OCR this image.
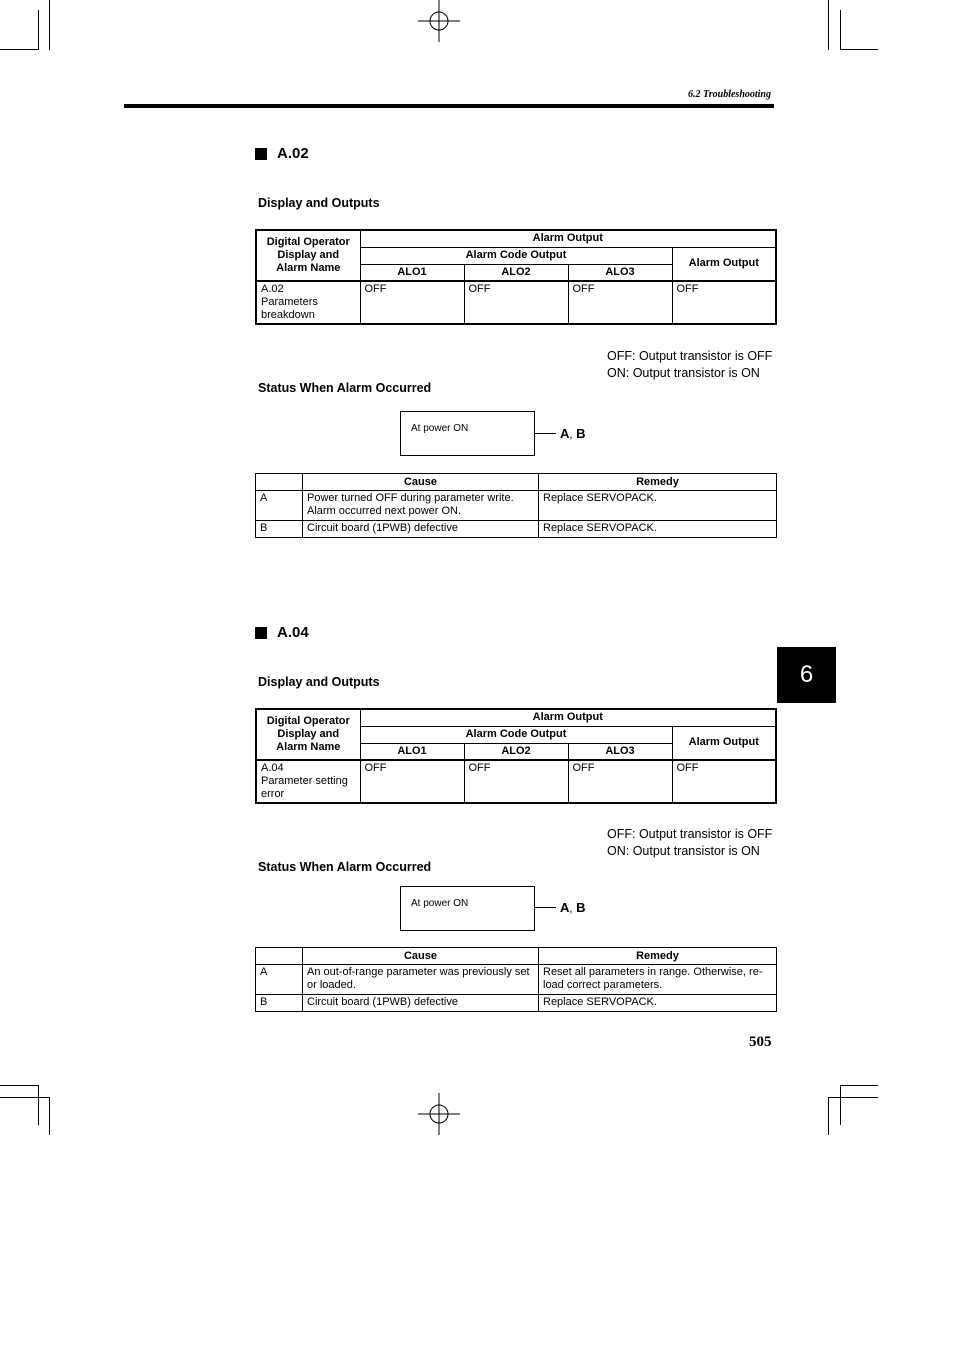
6.2 Troubleshooting
A.02
Display and Outputs
Digital Operator Display and Alarm Name	Alarm Output			
	Alarm Code Output			Alarm Output
	ALO1	ALO2	ALO3	

A.02
Parameters
breakdown	OFF	OFF	OFF	OFF
OFF: Output transistor is OFF
ON: Output transistor is ON
Status When Alarm Occurred
At power ON	A, B
	Cause	Remedy
A	Power turned OFF during parameter write. Alarm occurred next power ON.	Replace SERVOPACK.
B	Circuit board (1PWB) defective	Replace SERVOPACK.
A.04
Display and Outputs
Digital Operator Display and Alarm Name	Alarm Output			
	Alarm Code Output			Alarm Output
	ALO1	ALO2	ALO3	

A.04
Parameter setting
error	OFF	OFF	OFF	OFF
OFF: Output transistor is OFF
ON: Output transistor is ON
Status When Alarm Occurred
At power ON	A, B
	Cause	Remedy
A	An out-of-range parameter was previously set or loaded.	Reset all parameters in range. Otherwise, re-load correct parameters.
B	Circuit board (1PWB) defective	Replace SERVOPACK.
6
505
